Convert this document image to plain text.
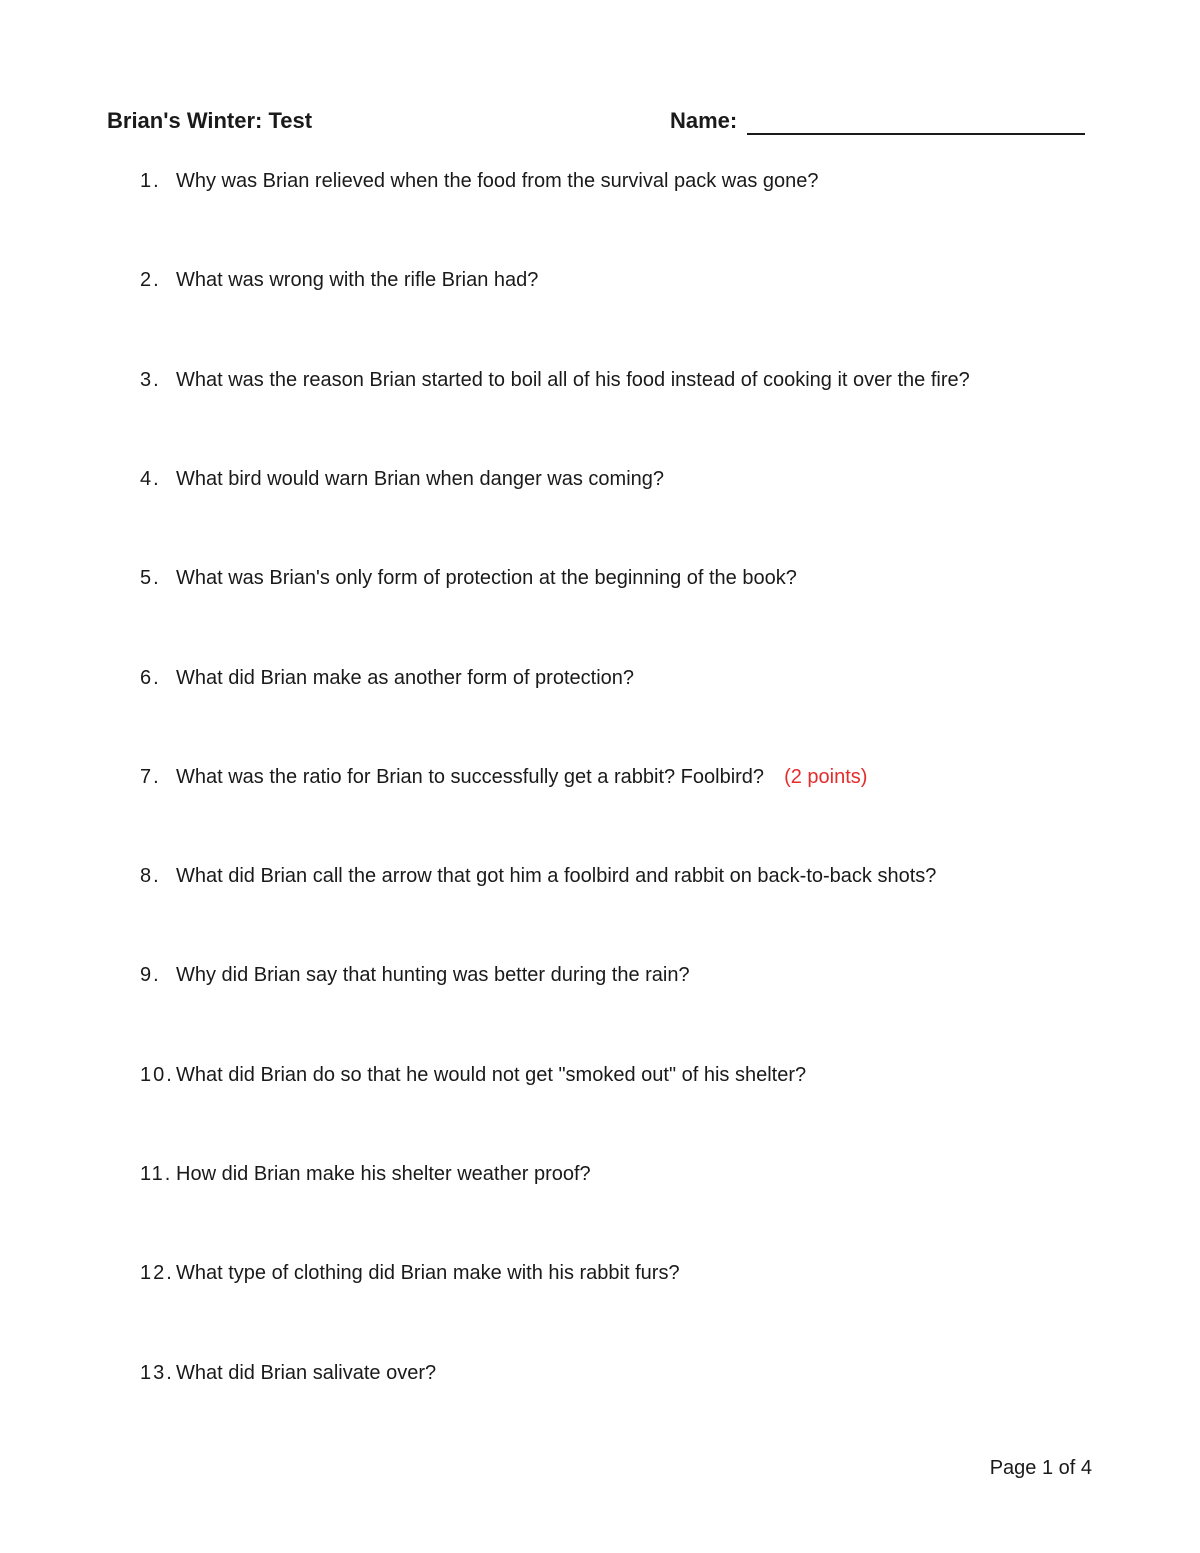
Brian's Winter: Test	Name:
1. Why was Brian relieved when the food from the survival pack was gone?
2. What was wrong with the rifle Brian had?
3. What was the reason Brian started to boil all of his food instead of cooking it over the fire?
4. What bird would warn Brian when danger was coming?
5. What was Brian's only form of protection at the beginning of the book?
6. What did Brian make as another form of protection?
7. What was the ratio for Brian to successfully get a rabbit? Foolbird? (2 points)
8. What did Brian call the arrow that got him a foolbird and rabbit on back-to-back shots?
9. Why did Brian say that hunting was better during the rain?
10. What did Brian do so that he would not get "smoked out" of his shelter?
11. How did Brian make his shelter weather proof?
12. What type of clothing did Brian make with his rabbit furs?
13. What did Brian salivate over?
Page 1 of 4
